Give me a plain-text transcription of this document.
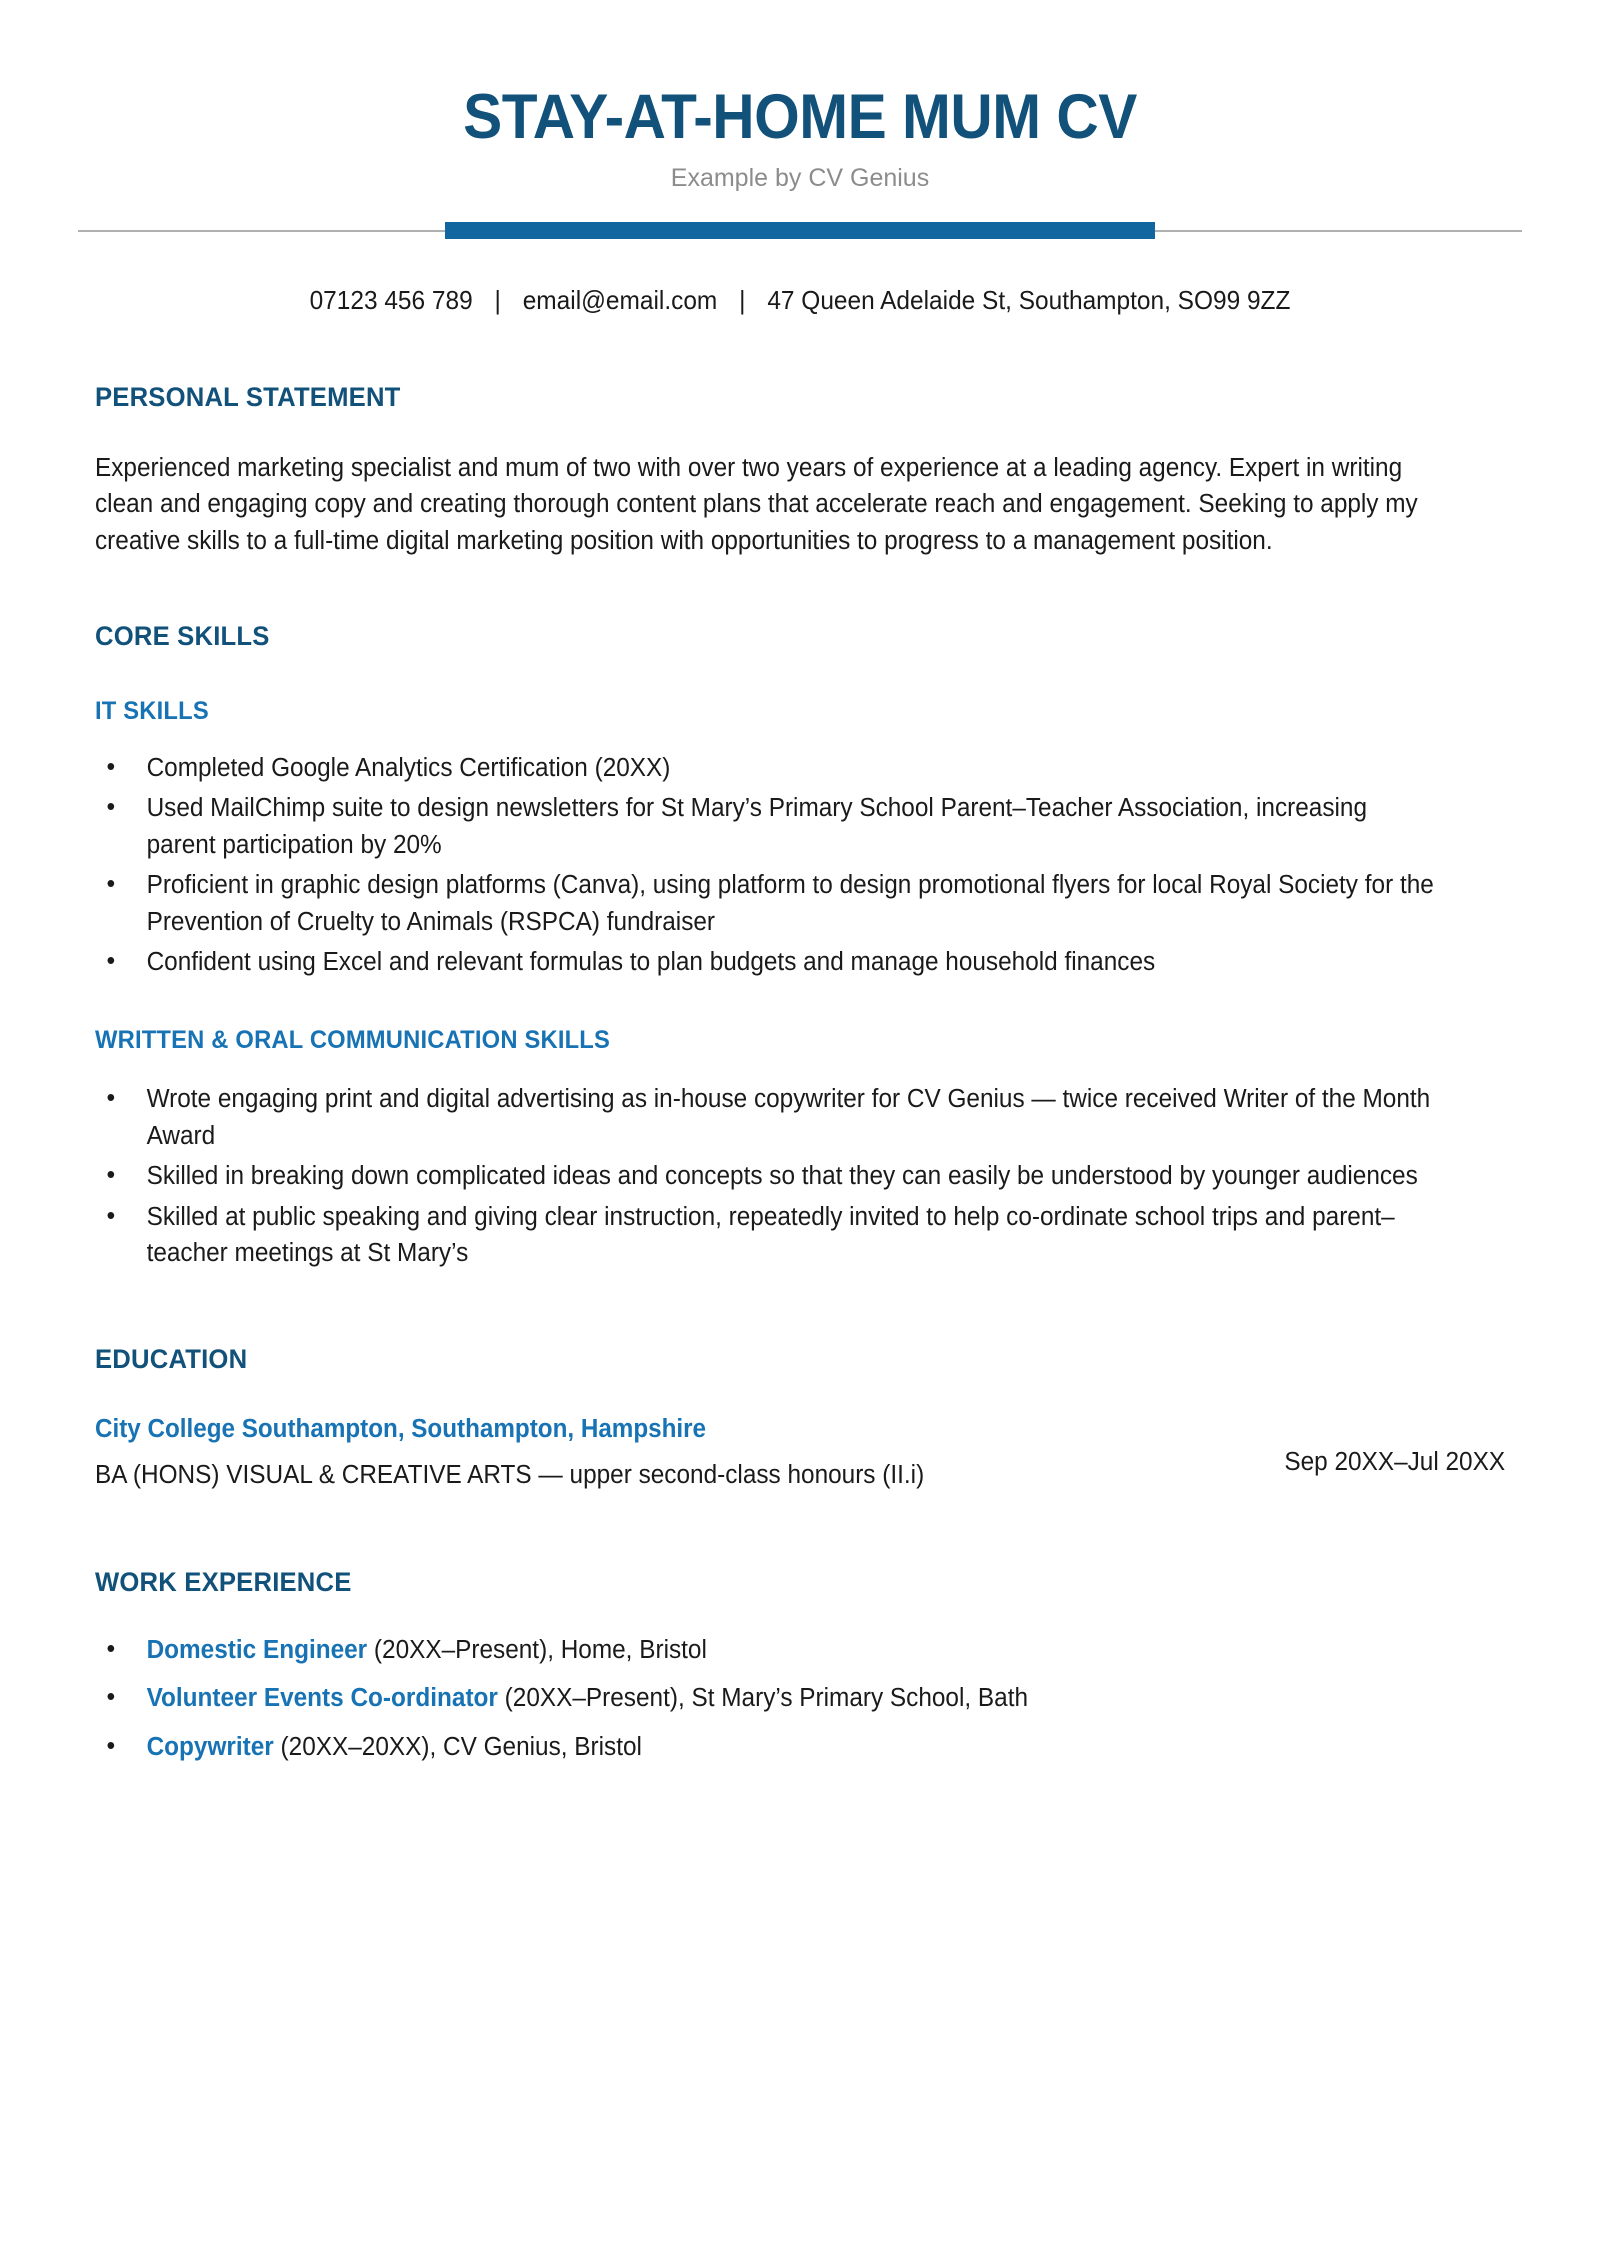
STAY-AT-HOME MUM CV
Example by CV Genius
07123 456 789 | email@email.com | 47 Queen Adelaide St, Southampton, SO99 9ZZ
PERSONAL STATEMENT

Experienced marketing specialist and mum of two with over two years of experience at a leading agency. Expert in writing clean and engaging copy and creating thorough content plans that accelerate reach and engagement. Seeking to apply my creative skills to a full-time digital marketing position with opportunities to progress to a management position.

CORE SKILLS
IT SKILLS
• Completed Google Analytics Certification (20XX)
• Used MailChimp suite to design newsletters for St Mary’s Primary School Parent–Teacher Association, increasing parent participation by 20%
• Proficient in graphic design platforms (Canva), using platform to design promotional flyers for local Royal Society for the Prevention of Cruelty to Animals (RSPCA) fundraiser
• Confident using Excel and relevant formulas to plan budgets and manage household finances
WRITTEN & ORAL COMMUNICATION SKILLS
• Wrote engaging print and digital advertising as in-house copywriter for CV Genius — twice received Writer of the Month Award
• Skilled in breaking down complicated ideas and concepts so that they can easily be understood by younger audiences
• Skilled at public speaking and giving clear instruction, repeatedly invited to help co-ordinate school trips and parent–teacher meetings at St Mary’s
EDUCATION
City College Southampton, Southampton, Hampshire
BA (HONS) VISUAL & CREATIVE ARTS — upper second-class honours (II.i)	Sep 20XX–Jul 20XX
WORK EXPERIENCE
• Domestic Engineer (20XX–Present), Home, Bristol
• Volunteer Events Co-ordinator (20XX–Present), St Mary’s Primary School, Bath
• Copywriter (20XX–20XX), CV Genius, Bristol
